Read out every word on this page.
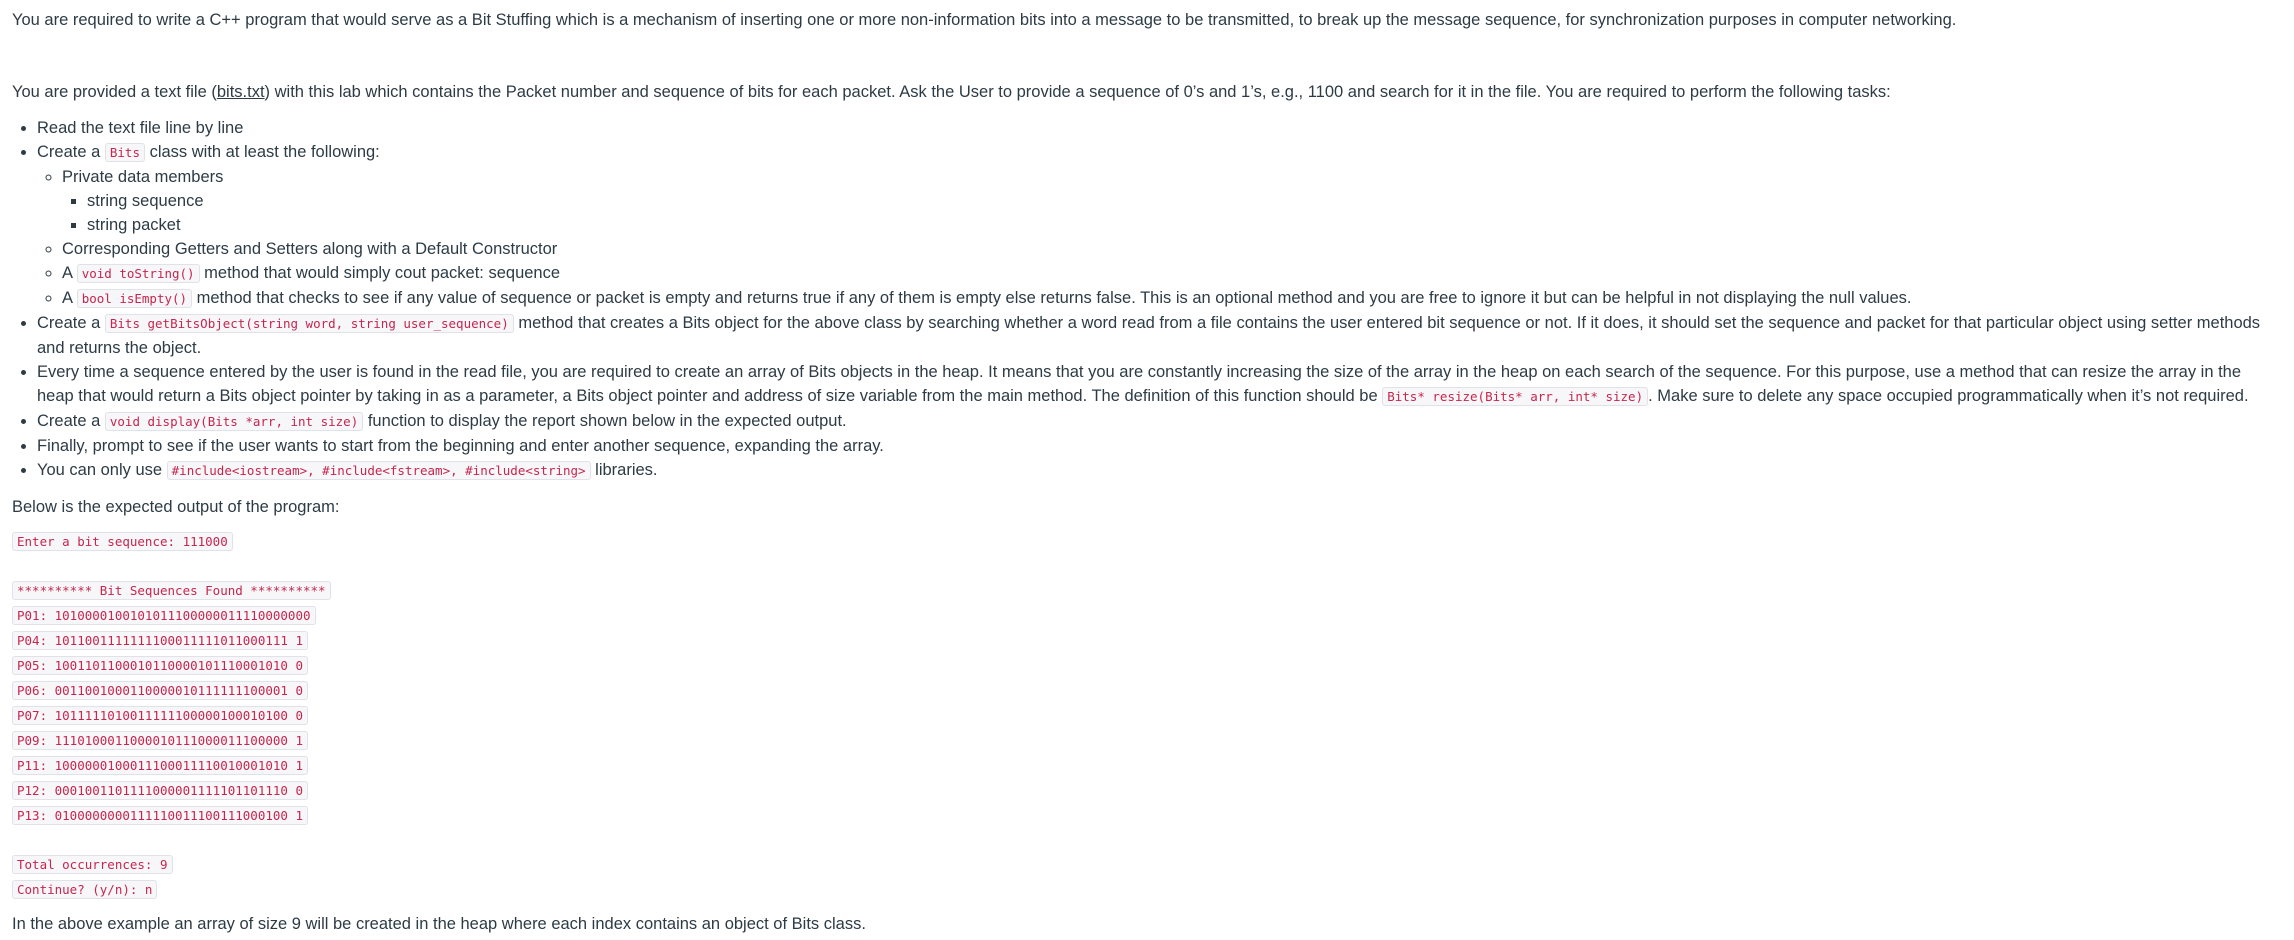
You are required to write a C++ program that would serve as a Bit Stuffing which is a mechanism of inserting one or more non-information bits into a message to be transmitted, to break up the message sequence, for synchronization purposes in computer networking.

You are provided a text file (bits.txt) with this lab which contains the Packet number and sequence of bits for each packet. Ask the User to provide a sequence of 0’s and 1’s, e.g., 1100 and search for it in the file. You are required to perform the following tasks:

• Read the text file line by line
• Create a Bits class with at least the following:
◦ Private data members
▪ string sequence
▪ string packet
◦ Corresponding Getters and Setters along with a Default Constructor
◦ A void toString() method that would simply cout packet: sequence
◦ A bool isEmpty() method that checks to see if any value of sequence or packet is empty and returns true if any of them is empty else returns false. This is an optional method and you are free to ignore it but can be helpful in not displaying the null values.
• Create a Bits getBitsObject(string word, string user_sequence) method that creates a Bits object for the above class by searching whether a word read from a file contains the user entered bit sequence or not. If it does, it should set the sequence and packet for that particular object using setter methods and returns the object.
• Every time a sequence entered by the user is found in the read file, you are required to create an array of Bits objects in the heap. It means that you are constantly increasing the size of the array in the heap on each search of the sequence. For this purpose, use a method that can resize the array in the heap that would return a Bits object pointer by taking in as a parameter, a Bits object pointer and address of size variable from the main method. The definition of this function should be Bits* resize(Bits* arr, int* size) . Make sure to delete any space occupied programmatically when it’s not required.
• Create a void display(Bits *arr, int size) function to display the report shown below in the expected output.
• Finally, prompt to see if the user wants to start from the beginning and enter another sequence, expanding the array.
• You can only use #include<iostream>, #include<fstream>, #include<string> libraries.

Below is the expected output of the program:

Enter a bit sequence: 111000
********** Bit Sequences Found **********
P01: 1010000100101011100000011110000000
P04: 1011001111111100011111011000111 1
P05: 1001101100010110000101110001010 0
P06: 0011001000110000010111111100001 0
P07: 1011111010011111100000100010100 0
P09: 1110100011000010111000011100000 1
P11: 1000000100011100011110010001010 1
P12: 0001001101111000001111101101110 0
P13: 0100000000111110011100111000100 1
Total occurrences: 9
Continue? (y/n): n

In the above example an array of size 9 will be created in the heap where each index contains an object of Bits class.
